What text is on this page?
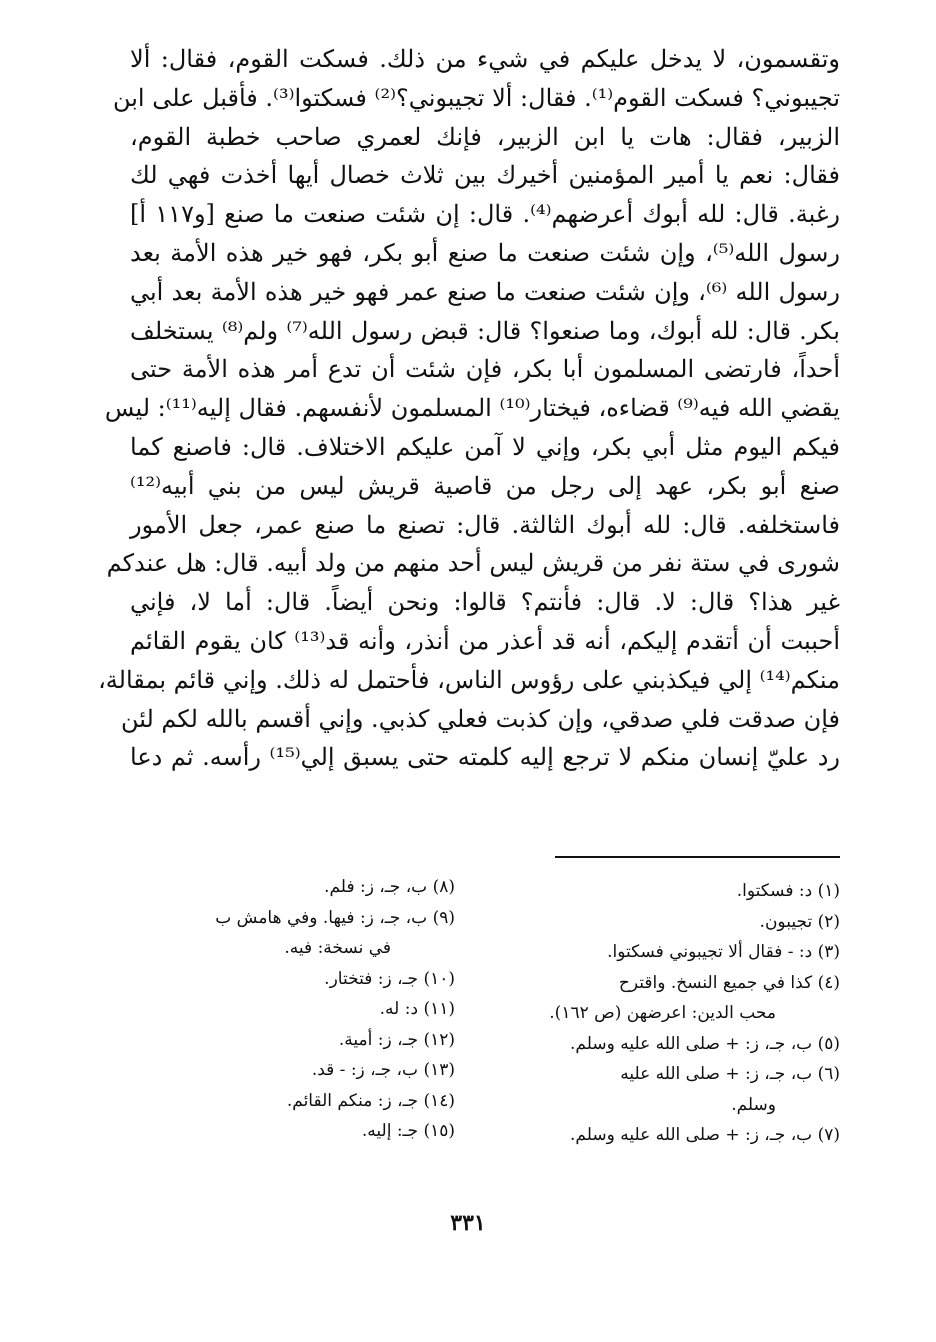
وتقسمون، لا يدخل عليكم في شيء من ذلك. فسكت القوم، فقال: ألا
تجيبوني؟ فسكت القوم⁽¹⁾. فقال: ألا تجيبوني؟⁽²⁾ فسكتوا⁽³⁾. فأقبل على ابن
الزبير، فقال: هات يا ابن الزبير، فإنك لعمري صاحب خطبة القوم،
فقال: نعم يا أمير المؤمنين أخيرك بين ثلاث خصال أيها أخذت فهي لك
رغبة. قال: لله أبوك أعرضهم⁽⁴⁾. قال: إن شئت صنعت ما صنع [و١١٧ أ]
رسول الله⁽⁵⁾، وإن شئت صنعت ما صنع أبو بكر، فهو خير هذه الأمة بعد
رسول الله ⁽⁶⁾، وإن شئت صنعت ما صنع عمر فهو خير هذه الأمة بعد أبي
بكر. قال: لله أبوك، وما صنعوا؟ قال: قبض رسول الله⁽⁷⁾ ولم⁽⁸⁾ يستخلف
أحداً، فارتضى المسلمون أبا بكر، فإن شئت أن تدع أمر هذه الأمة حتى
يقضي الله فيه⁽⁹⁾ قضاءه، فيختار⁽¹⁰⁾ المسلمون لأنفسهم. فقال إليه⁽¹¹⁾: ليس
فيكم اليوم مثل أبي بكر، وإني لا آمن عليكم الاختلاف. قال: فاصنع كما
صنع أبو بكر، عهد إلى رجل من قاصية قريش ليس من بني أبيه⁽¹²⁾
فاستخلفه. قال: لله أبوك الثالثة. قال: تصنع ما صنع عمر، جعل الأمور
شورى في ستة نفر من قريش ليس أحد منهم من ولد أبيه. قال: هل عندكم
غير هذا؟ قال: لا. قال: فأنتم؟ قالوا: ونحن أيضاً. قال: أما لا، فإني
أحببت أن أتقدم إليكم، أنه قد أعذر من أنذر، وأنه قد⁽¹³⁾ كان يقوم القائم
منكم⁽¹⁴⁾ إلي فيكذبني على رؤوس الناس، فأحتمل له ذلك. وإني قائم بمقالة،
فإن صدقت فلي صدقي، وإن كذبت فعلي كذبي. وإني أقسم بالله لكم لئن
رد عليّ إنسان منكم لا ترجع إليه كلمته حتى يسبق إلي⁽¹⁵⁾ رأسه. ثم دعا
(١) د: فسكتوا.
(٢) تجيبون.
(٣) د: - فقال ألا تجيبوني فسكتوا.
(٤) كذا في جميع النسخ. واقترح
محب الدين: اعرضهن (ص ١٦٢).
(٥) ب، جـ، ز: + صلى الله عليه وسلم.
(٦) ب، جـ، ز: + صلى الله عليه
وسلم.
(٧) ب، جـ، ز: + صلى الله عليه وسلم.
(٨) ب، جـ، ز: فلم.
(٩) ب، جـ، ز: فيها. وفي هامش ب
في نسخة: فيه.
(١٠) جـ، ز: فتختار.
(١١) د: له.
(١٢) جـ، ز: أمية.
(١٣) ب، جـ، ز: - قد.
(١٤) جـ، ز: منكم القائم.
(١٥) جـ: إليه.
٣٣١
